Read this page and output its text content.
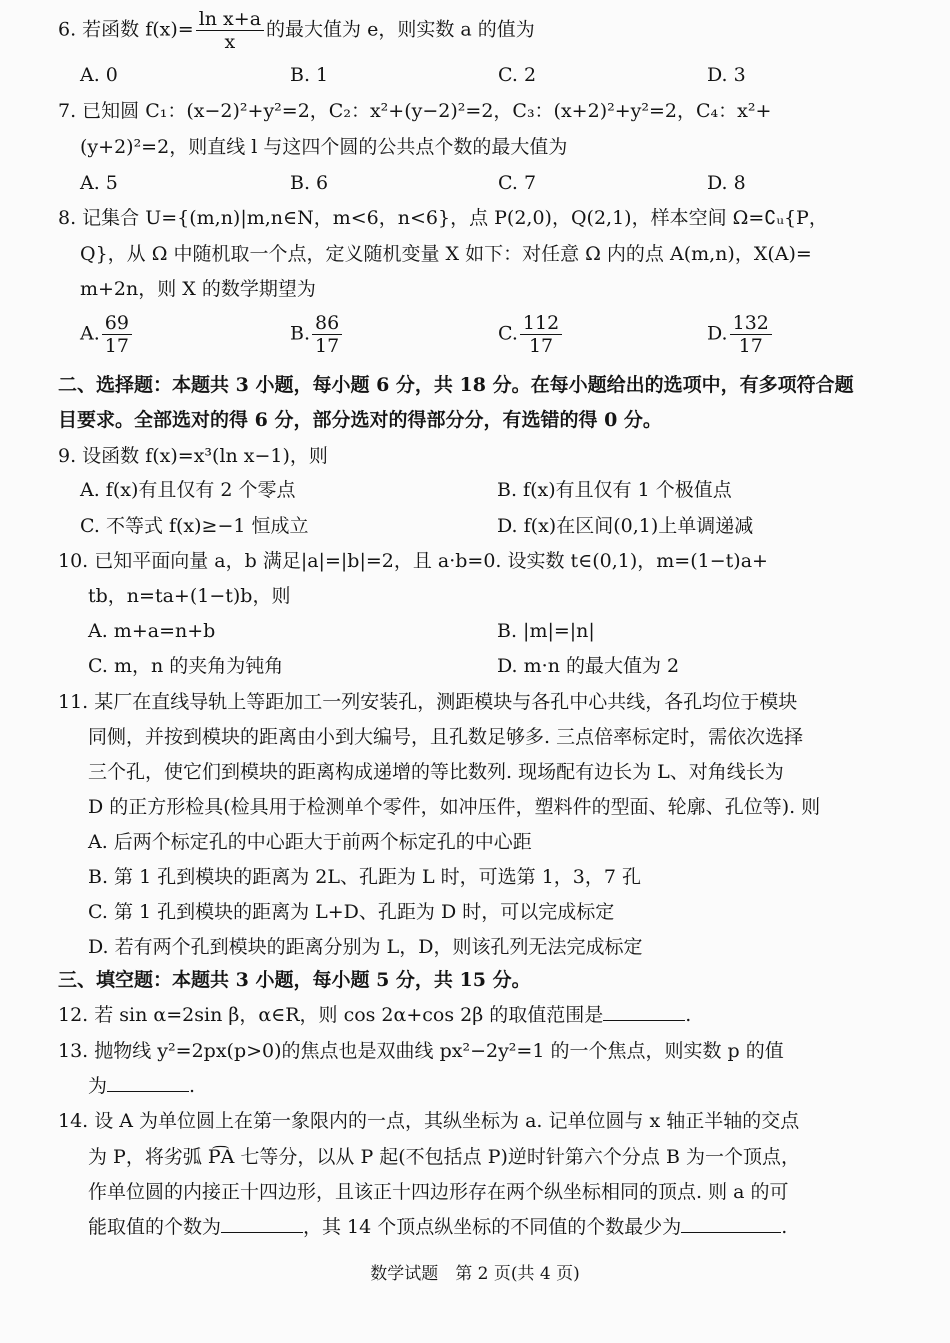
6. 若函数 $f(x)= \frac{\text{ln x+a}}{x}$ 的最大值为 e，则实数 a 的值为
A. 0	B. 1	C. 2	D. 3
7. 已知圆 C₁：(x−2)²+y²=2，C₂：x²+(y−2)²=2，C₃：(x+2)²+y²=2，C₄：x²+
(y+2)²=2，则直线 l 与这四个圆的公共点个数的最大值为
A. 5	B. 6	C. 7	D. 8
8. 记集合 U={(m,n)|m,n∈N，m<6，n<6}，点 P(2,0)，Q(2,1)，样本空间 Ω=∁ᵤ{P，
Q}，从 Ω 中随机取一个点，定义随机变量 X 如下：对任意 Ω 内的点 A(m,n)，X(A)=
m+2n，则 X 的数学期望为
A. $\frac{69}{17}$	B. $\frac{86}{17}$	C. $\frac{112}{17}$	D. $\frac{132}{17}$
二、选择题：本题共 3 小题，每小题 6 分，共 18 分。在每小题给出的选项中，有多项符合题
目要求。全部选对的得 6 分，部分选对的得部分分，有选错的得 0 分。
9. 设函数 f(x)=x³(ln x−1)，则
A. f(x)有且仅有 2 个零点	B. f(x)有且仅有 1 个极值点
C. 不等式 f(x)≥−1 恒成立	D. f(x)在区间(0,1)上单调递减
10. 已知平面向量 a，b 满足|a|=|b|=2，且 a·b=0. 设实数 t∈(0,1)，m=(1−t)a+
tb，n=ta+(1−t)b，则
A. m+a=n+b	B. |m|=|n|
C. m，n 的夹角为钝角	D. m·n 的最大值为 2
11. 某厂在直线导轨上等距加工一列安装孔，测距模块与各孔中心共线，各孔均位于模块
同侧，并按到模块的距离由小到大编号，且孔数足够多. 三点倍率标定时，需依次选择
三个孔，使它们到模块的距离构成递增的等比数列. 现场配有边长为 L、对角线长为
D 的正方形检具(检具用于检测单个零件，如冲压件，塑料件的型面、轮廓、孔位等). 则
A. 后两个标定孔的中心距大于前两个标定孔的中心距
B. 第 1 孔到模块的距离为 2L、孔距为 L 时，可选第 1，3，7 孔
C. 第 1 孔到模块的距离为 L+D、孔距为 D 时，可以完成标定
D. 若有两个孔到模块的距离分别为 L，D，则该孔列无法完成标定
三、填空题：本题共 3 小题，每小题 5 分，共 15 分。
12. 若 sin α=2sin β，α∈R，则 cos 2α+cos 2β 的取值范围是	.
13. 抛物线 y²=2px(p>0)的焦点也是双曲线 px²−2y²=1 的一个焦点，则实数 p 的值
为	.
14. 设 A 为单位圆上在第一象限内的一点，其纵坐标为 a. 记单位圆与 x 轴正半轴的交点
为 P，将劣弧 P͡A 七等分，以从 P 起(不包括点 P)逆时针第六个分点 B 为一个顶点，
作单位圆的内接正十四边形，且该正十四边形存在两个纵坐标相同的顶点. 则 a 的可
能取值的个数为	，其 14 个顶点纵坐标的不同值的个数最少为	.
数学试题　第 2 页(共 4 页)
